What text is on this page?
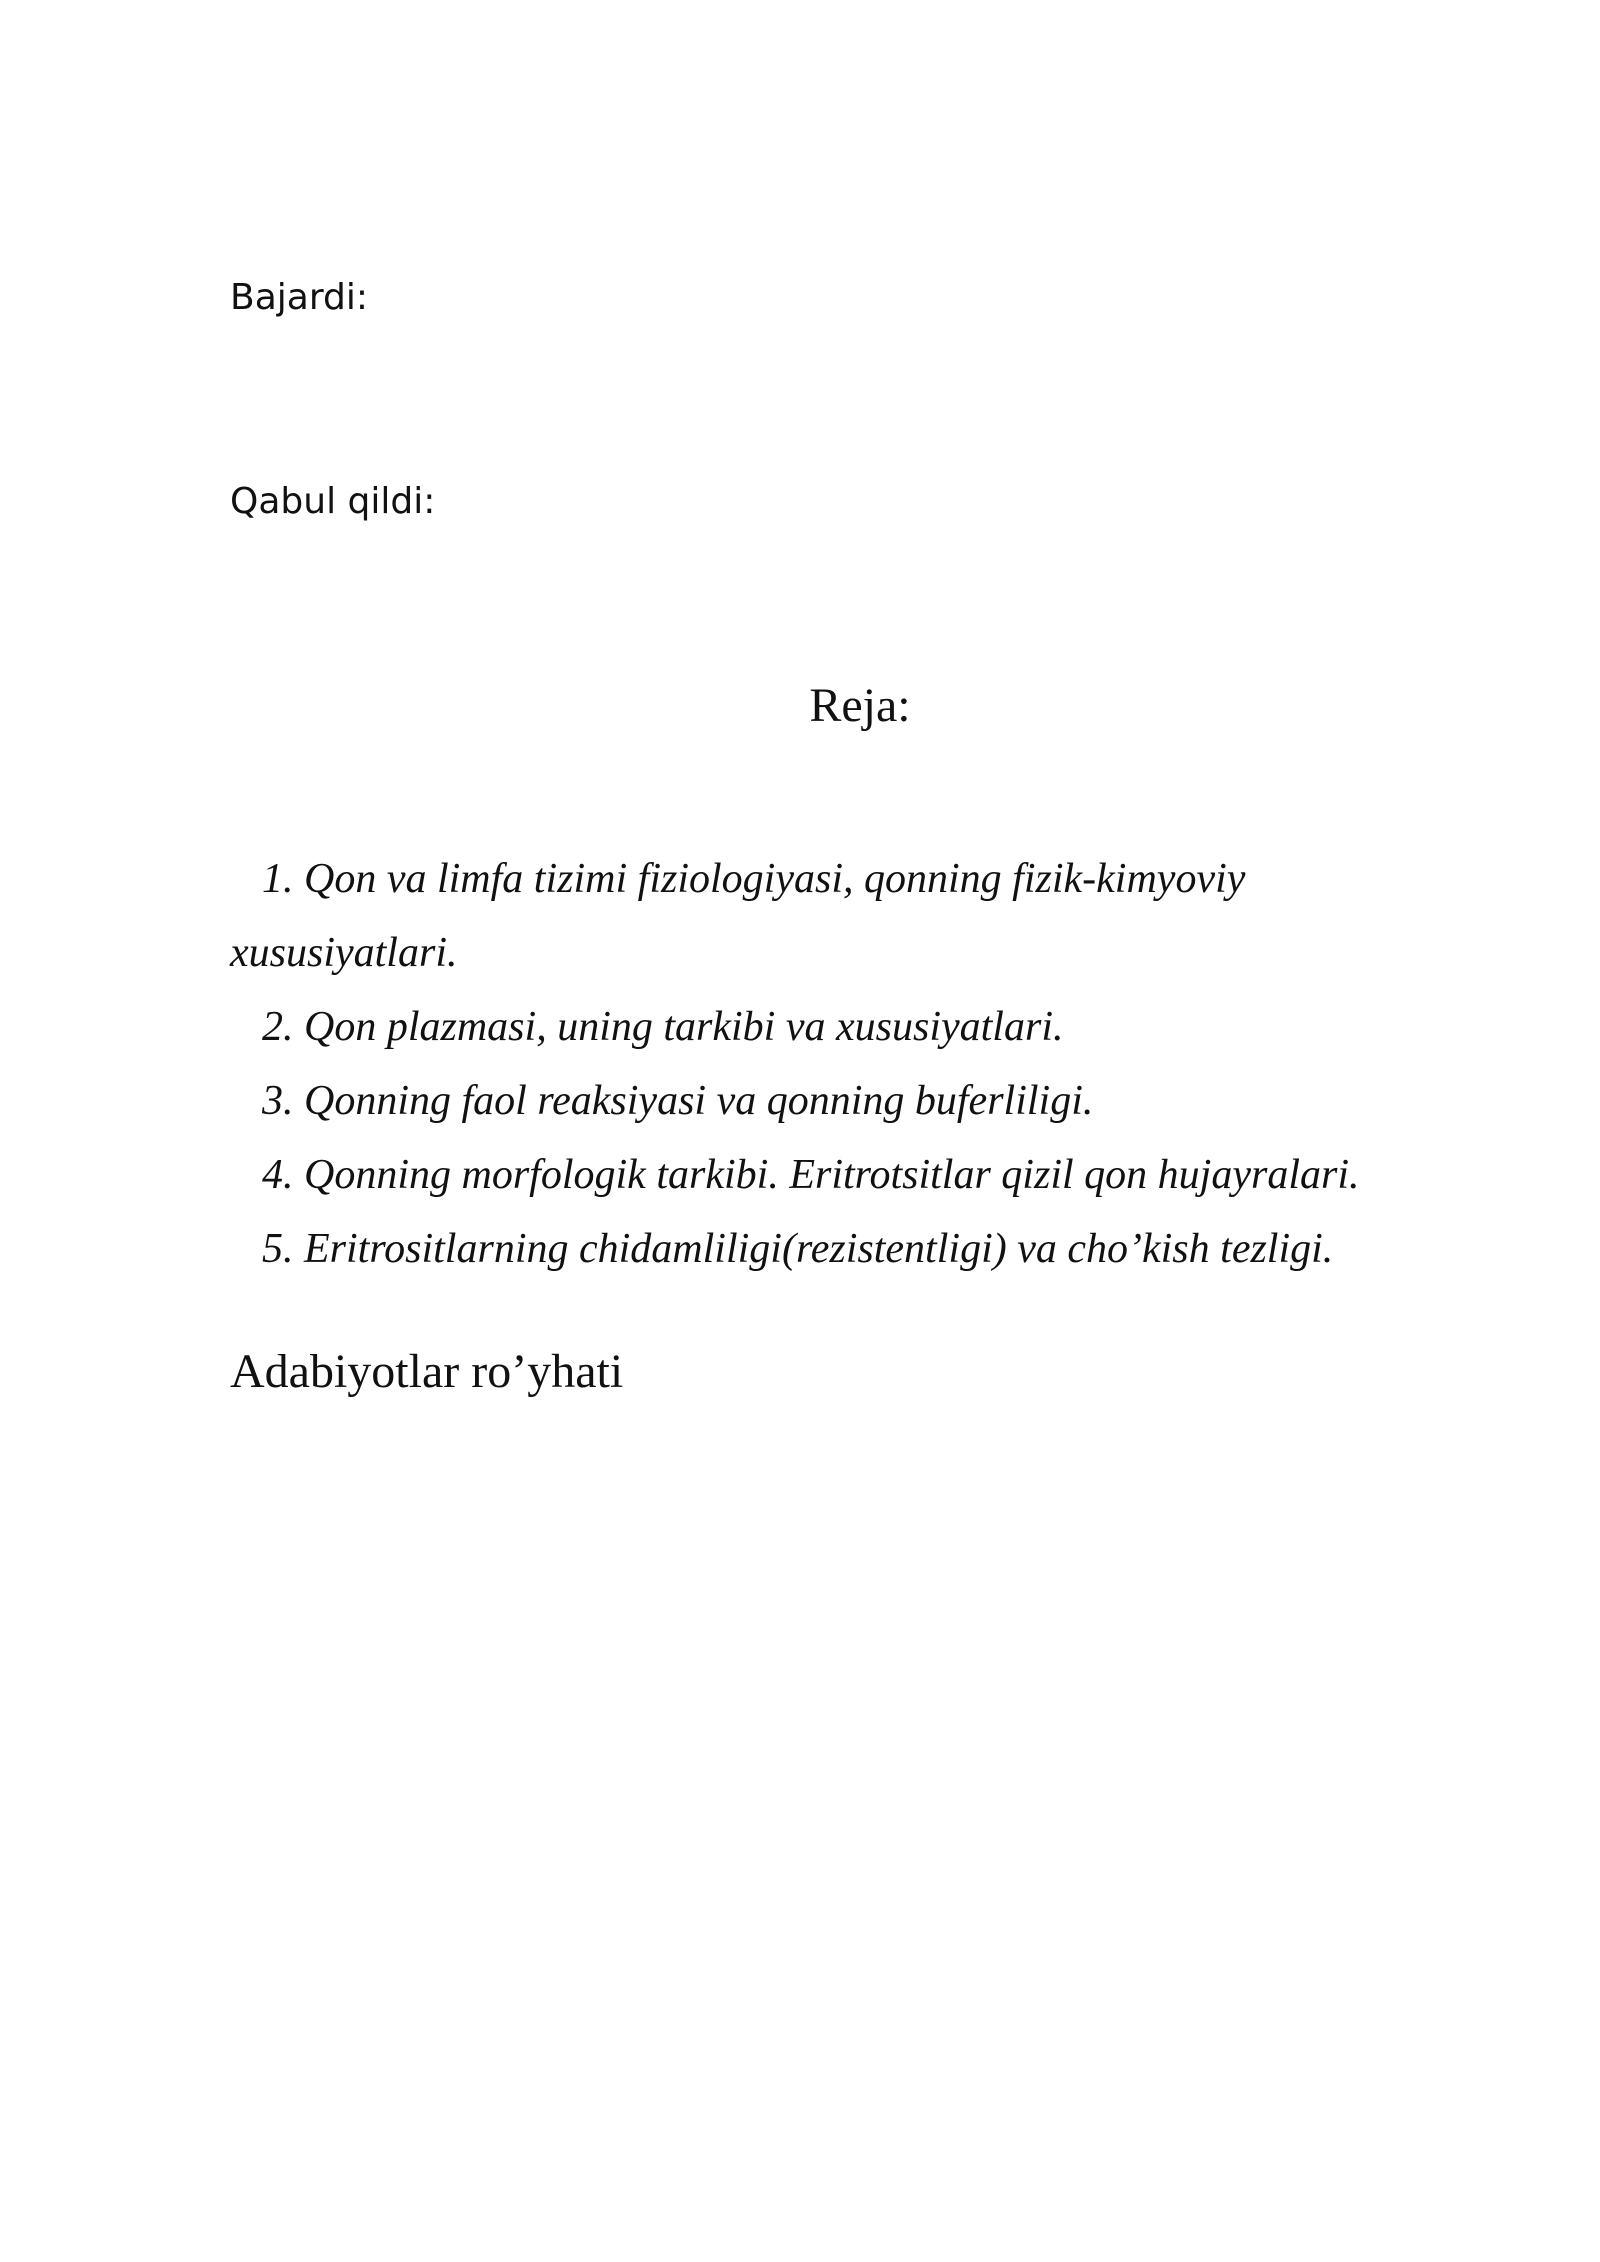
Bajardi:
Qabul qildi:
Reja:
1. Qon va limfa tizimi fiziologiyasi, qonning fizik-kimyoviy xususiyatlari.
2. Qon plazmasi, uning tarkibi va xususiyatlari.
3. Qonning faol reaksiyasi va qonning buferliligi.
4. Qonning morfologik tarkibi. Eritrotsitlar qizil qon hujayralari.
5. Eritrositlarning chidamliligi(rezistentligi) va cho’kish tezligi.
Adabiyotlar ro’yhati
